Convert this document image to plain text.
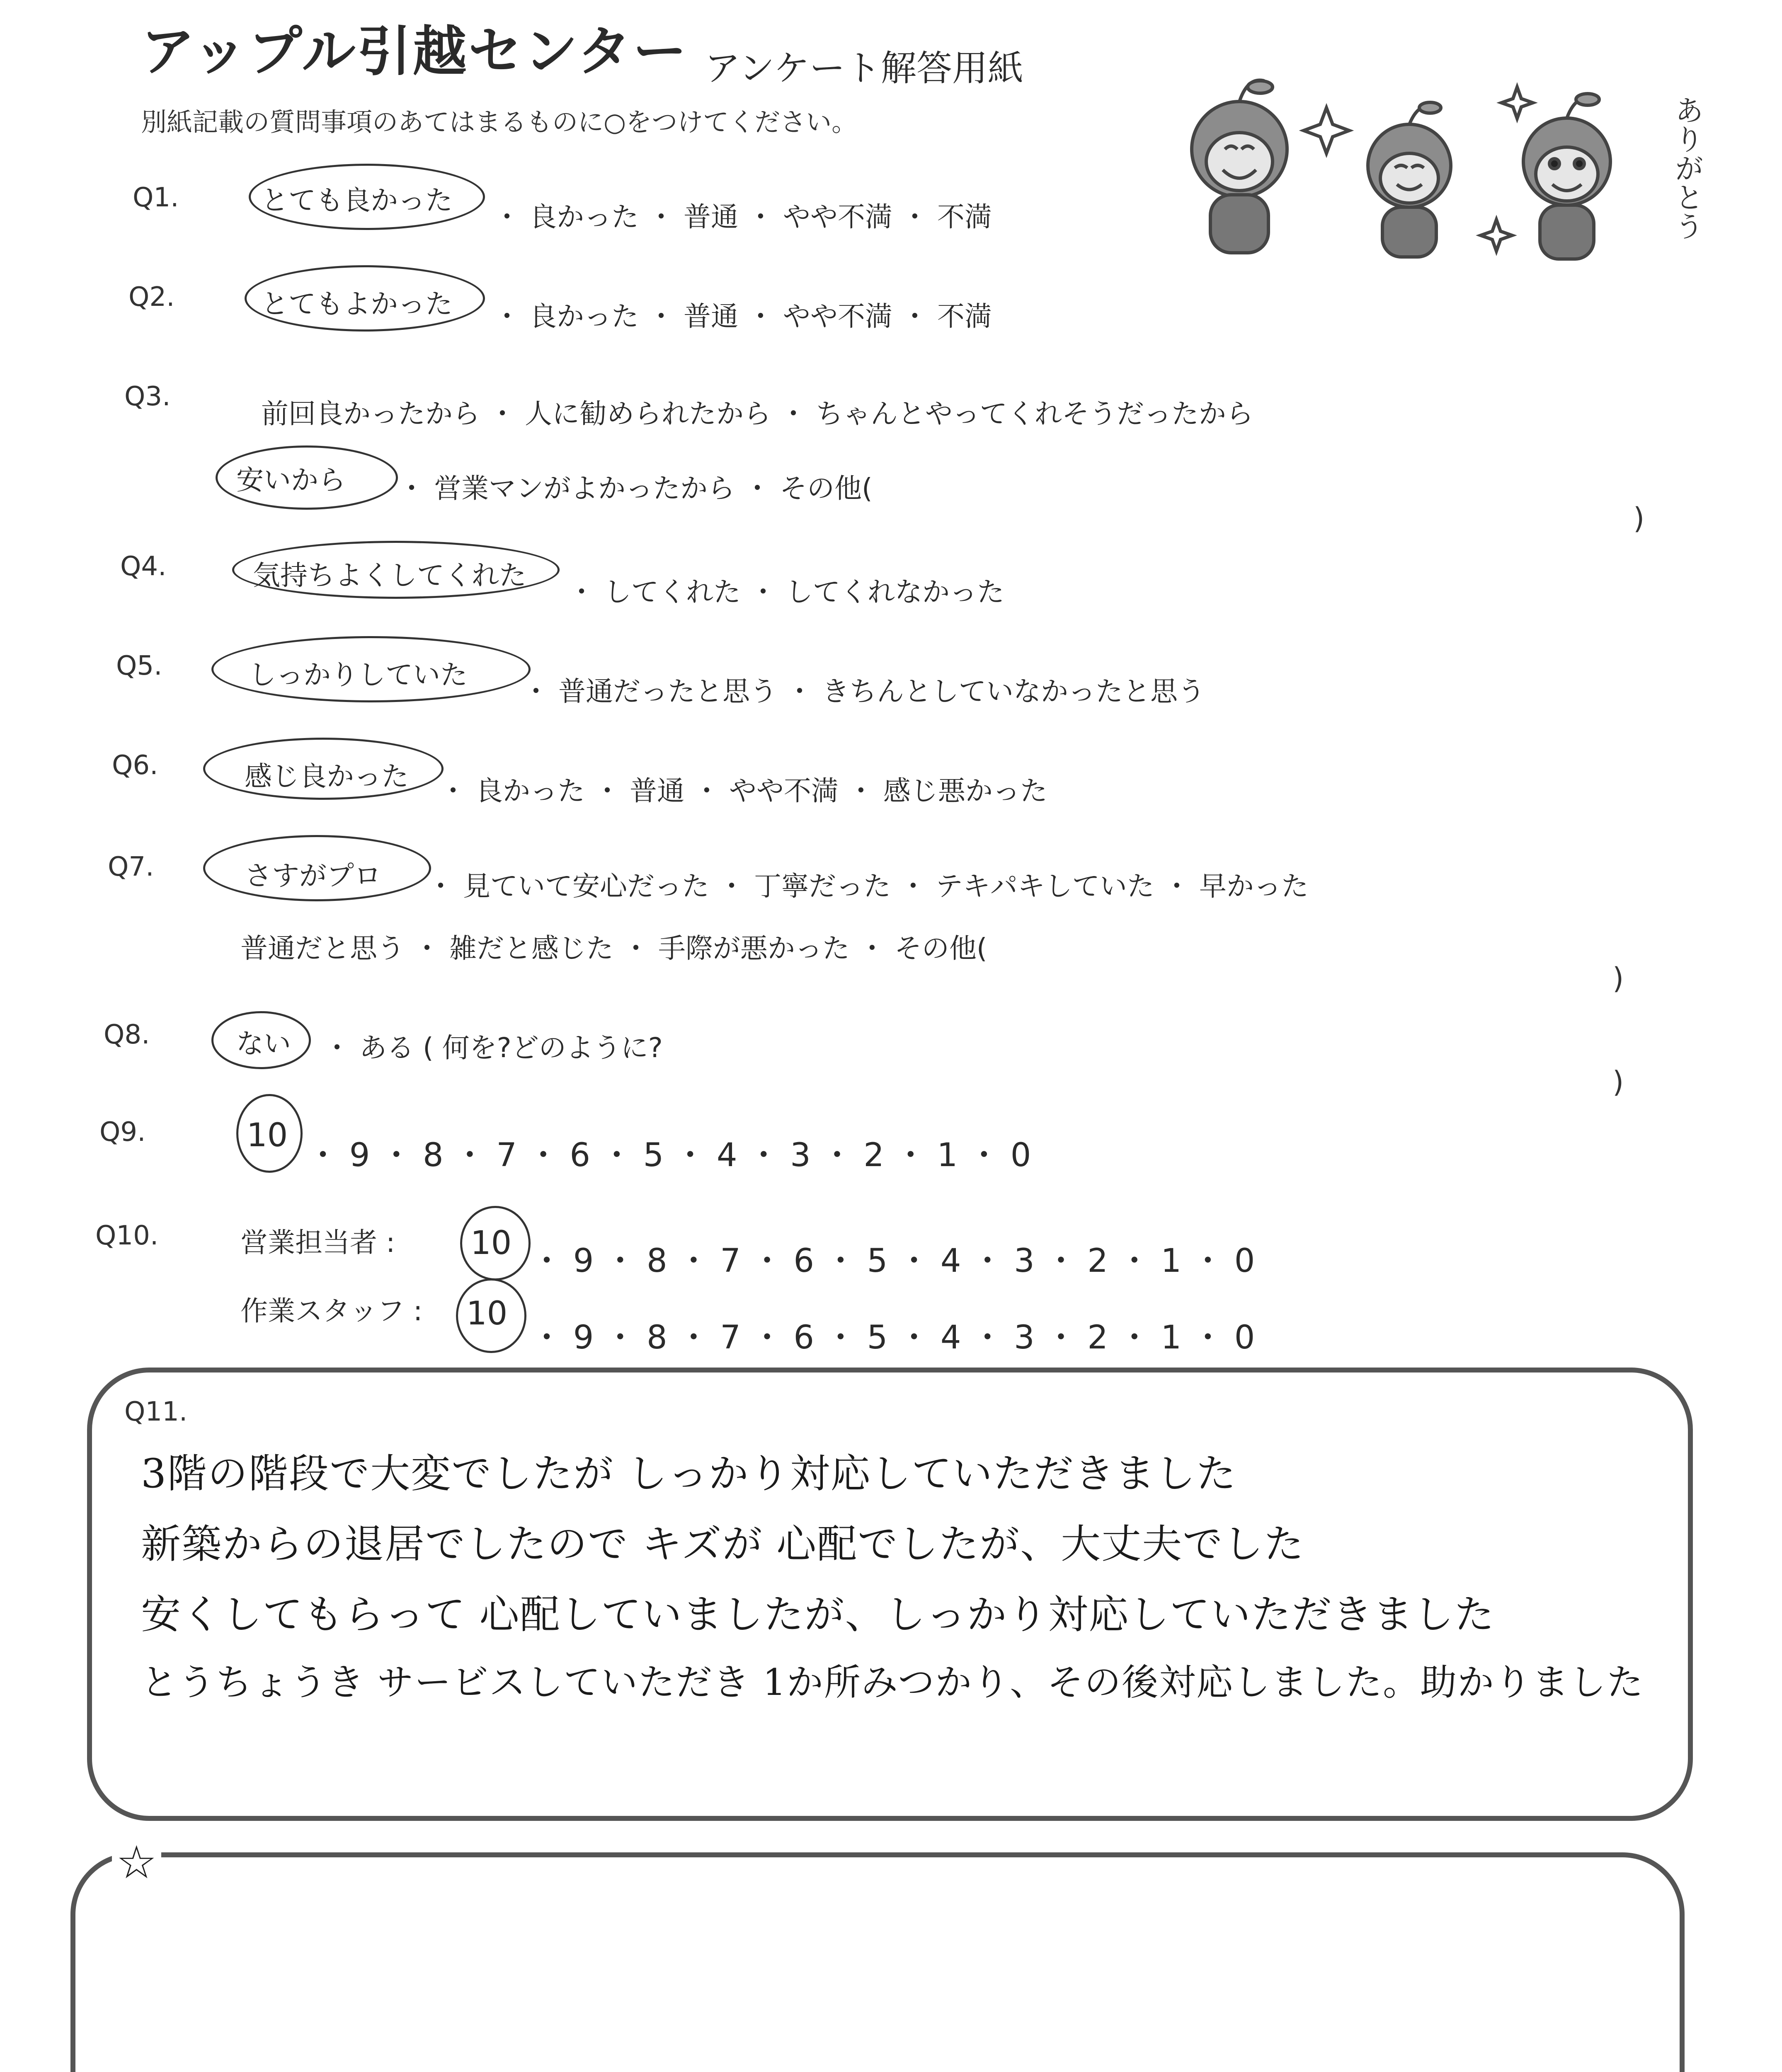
アップル引越センター アンケート解答用紙
別紙記載の質問事項のあてはまるものに○をつけてください。	ありがとう
Q1.	とても良かった
・ 良かった ・ 普通 ・ やや不満 ・ 不満
Q2.	とてもよかった ・ 良かった ・ 普通 ・ やや不満 ・ 不満
Q3.
前回良かったから ・ 人に勧められたから ・ ちゃんとやってくれそうだったから
安いから ・ 営業マンがよかったから ・ その他(
)
Q4.	気持ちよくしてくれた
・ してくれた ・ してくれなかった
Q5.	しっかりしていた
・ 普通だったと思う ・ きちんとしていなかったと思う
Q6.	感じ良かった ・ 良かった ・ 普通 ・ やや不満 ・ 感じ悪かった
Q7.	さすがプロ ・ 見ていて安心だった ・ 丁寧だった ・ テキパキしていた ・ 早かった
普通だと思う ・ 雑だと感じた ・ 手際が悪かった ・ その他(
)
Q8.	ない ・ ある ( 何を?どのように?
)
Q9.	10
・ 9 ・ 8 ・ 7 ・ 6 ・ 5 ・ 4 ・ 3 ・ 2 ・ 1 ・ 0
Q10.	営業担当者 : 10 ・ 9 ・ 8 ・ 7 ・ 6 ・ 5 ・ 4 ・ 3 ・ 2 ・ 1 ・ 0
作業スタッフ : 10
・ 9 ・ 8 ・ 7 ・ 6 ・ 5 ・ 4 ・ 3 ・ 2 ・ 1 ・ 0
Q11.
3階の階段で大変でしたが しっかり対応していただきました
新築からの退居でしたので キズが 心配でしたが、大丈夫でした
安くしてもらって 心配していましたが、しっかり対応していただきました
とうちょうき サービスしていただき 1か所みつかり、その後対応しました。助かりました
☆
